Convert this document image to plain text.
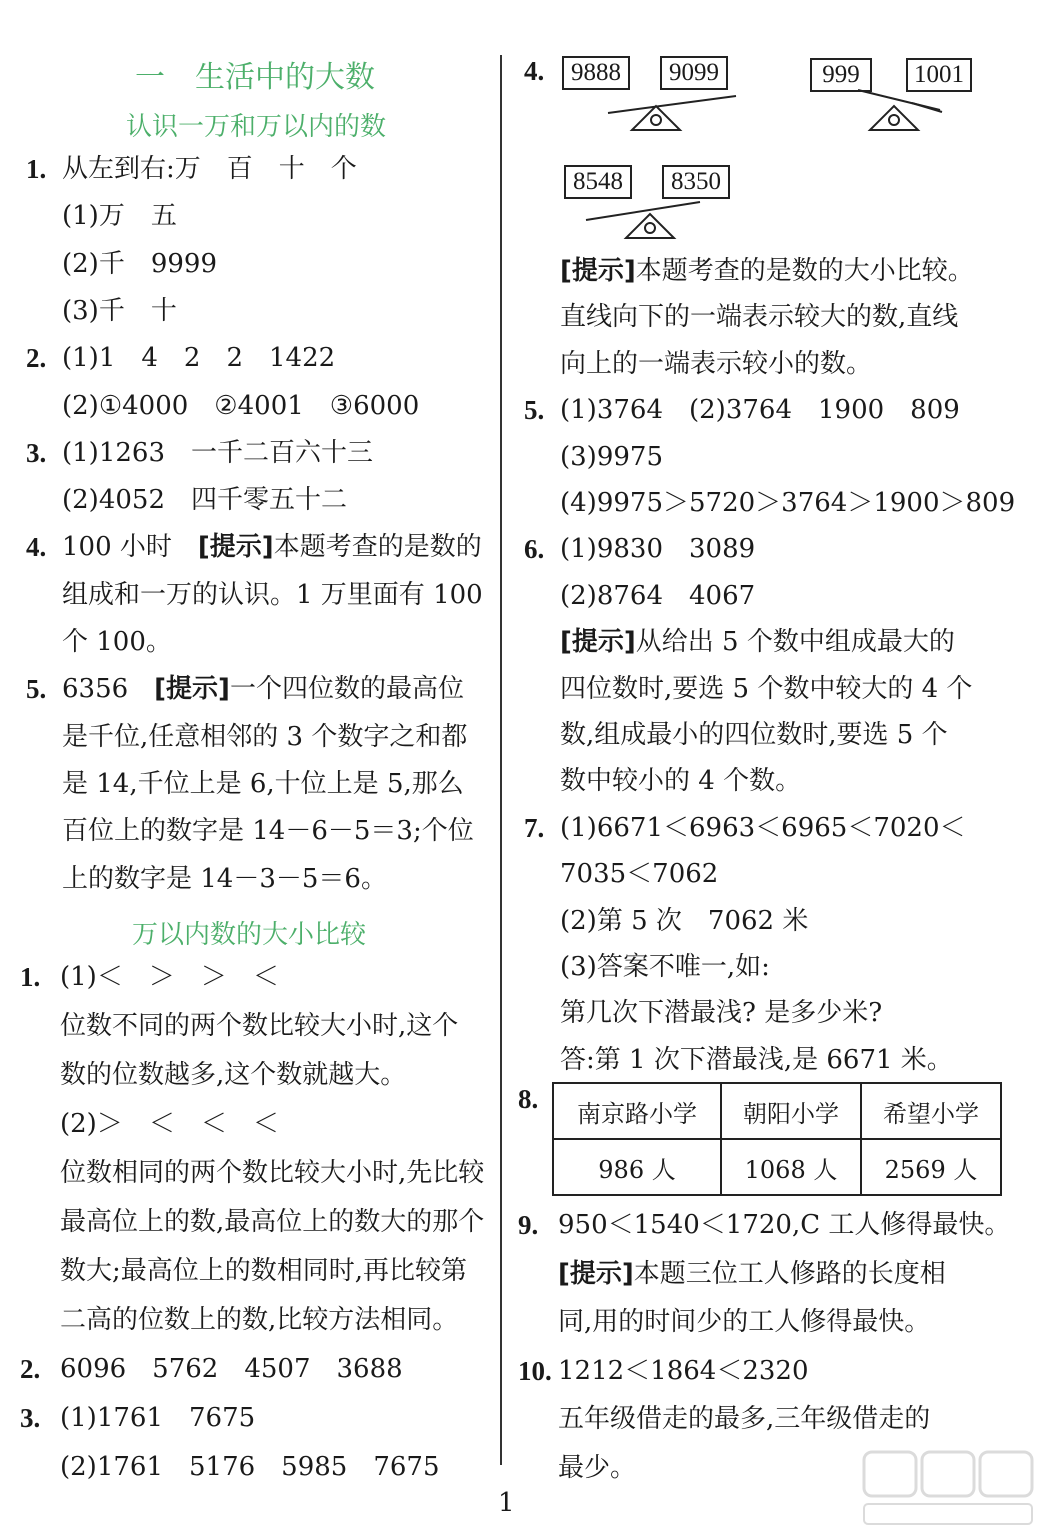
一　生活中的大数
认识一万和万以内的数
1. 从左到右:万　百　十　个
(1)万　五
(2)千　9999
(3)千　十
2. (1)1　4　2　2　1422
(2)①4000　②4001　③6000
3. (1)1263　一千二百六十三
(2)4052　四千零五十二
4. 100 小时　[提示]本题考查的是数的
组成和一万的认识。1 万里面有 100
个 100。
5. 6356　[提示]一个四位数的最高位
是千位,任意相邻的 3 个数字之和都
是 14,千位上是 6,十位上是 5,那么
百位上的数字是 14－6－5＝3;个位
上的数字是 14－3－5＝6。
万以内数的大小比较
1. (1)＜　＞　＞　＜
位数不同的两个数比较大小时,这个
数的位数越多,这个数就越大。
(2)＞　＜　＜　＜
位数相同的两个数比较大小时,先比较
最高位上的数,最高位上的数大的那个
数大;最高位上的数相同时,再比较第
二高的位数上的数,比较方法相同。
2. 6096　5762　4507　3688
3. (1)1761　7675
(2)1761　5176　5985　7675
4.	9888	9099	999	1001
8548	8350
[提示]本题考查的是数的大小比较。
直线向下的一端表示较大的数,直线
向上的一端表示较小的数。
5. (1)3764　(2)3764　1900　809
(3)9975
(4)9975＞5720＞3764＞1900＞809
6. (1)9830　3089
(2)8764　4067
[提示]从给出 5 个数中组成最大的
四位数时,要选 5 个数中较大的 4 个
数,组成最小的四位数时,要选 5 个
数中较小的 4 个数。
7. (1)6671＜6963＜6965＜7020＜
7035＜7062
(2)第 5 次　7062 米
(3)答案不唯一,如:
第几次下潜最浅? 是多少米?
答:第 1 次下潜最浅,是 6671 米。
8.
9. 950＜1540＜1720,C 工人修得最快。
[提示]本题三位工人修路的长度相
同,用的时间少的工人修得最快。
10. 1212＜1864＜2320
五年级借走的最多,三年级借走的
最少。
南京路小学	朝阳小学	希望小学
986 人	1068 人	2569 人
1
